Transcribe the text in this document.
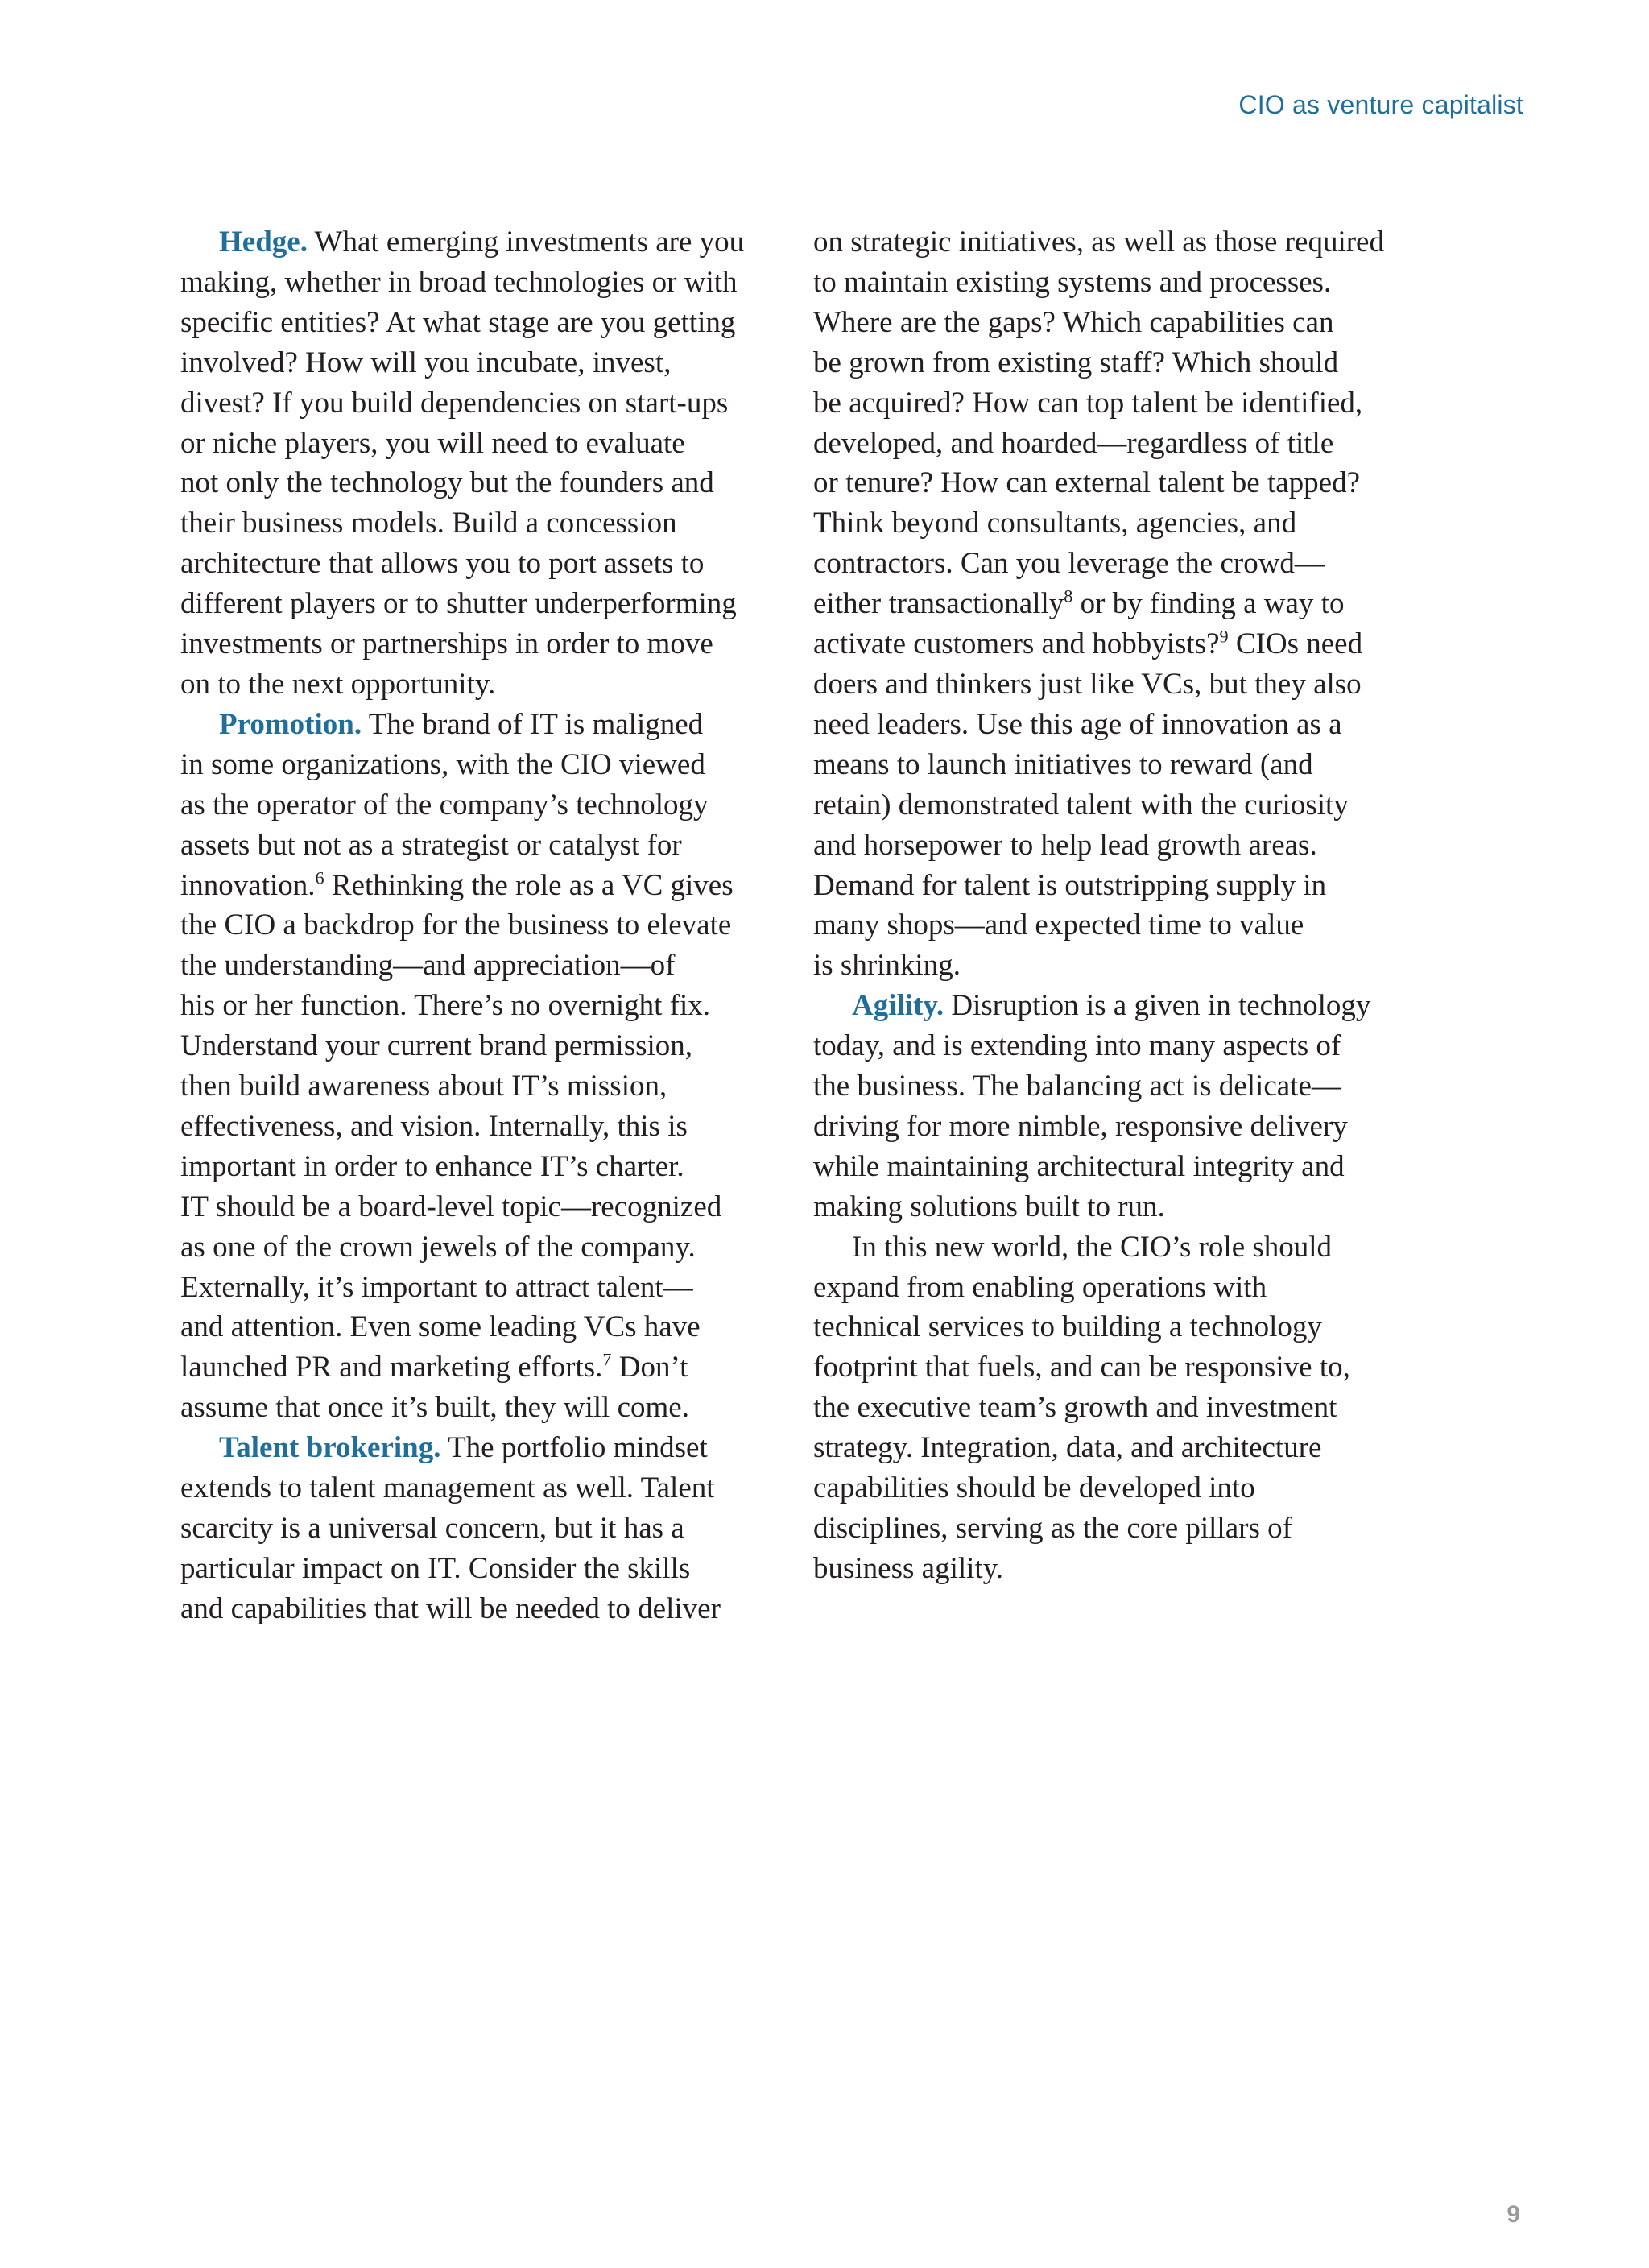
CIO as venture capitalist

Hedge. What emerging investments are you
making, whether in broad technologies or with
specific entities? At what stage are you getting
involved? How will you incubate, invest,
divest? If you build dependencies on start-ups
or niche players, you will need to evaluate
not only the technology but the founders and
their business models. Build a concession
architecture that allows you to port assets to
different players or to shutter underperforming
investments or partnerships in order to move
on to the next opportunity.

Promotion. The brand of IT is maligned
in some organizations, with the CIO viewed
as the operator of the company’s technology
assets but not as a strategist or catalyst for
innovation.$^6$ Rethinking the role as a VC gives
the CIO a backdrop for the business to elevate
the understanding—and appreciation—of
his or her function. There’s no overnight fix.
Understand your current brand permission,
then build awareness about IT’s mission,
effectiveness, and vision. Internally, this is
important in order to enhance IT’s charter.
IT should be a board-level topic—recognized
as one of the crown jewels of the company.
Externally, it’s important to attract talent—
and attention. Even some leading VCs have
launched PR and marketing efforts.$^7$ Don’t
assume that once it’s built, they will come.

Talent brokering. The portfolio mindset
extends to talent management as well. Talent
scarcity is a universal concern, but it has a
particular impact on IT. Consider the skills
and capabilities that will be needed to deliver

on strategic initiatives, as well as those required
to maintain existing systems and processes.
Where are the gaps? Which capabilities can
be grown from existing staff? Which should
be acquired? How can top talent be identified,
developed, and hoarded—regardless of title
or tenure? How can external talent be tapped?
Think beyond consultants, agencies, and
contractors. Can you leverage the crowd—
either transactionally$^8$ or by finding a way to
activate customers and hobbyists?$^9$ CIOs need
doers and thinkers just like VCs, but they also
need leaders. Use this age of innovation as a
means to launch initiatives to reward (and
retain) demonstrated talent with the curiosity
and horsepower to help lead growth areas.
Demand for talent is outstripping supply in
many shops—and expected time to value
is shrinking.

Agility. Disruption is a given in technology
today, and is extending into many aspects of
the business. The balancing act is delicate—
driving for more nimble, responsive delivery
while maintaining architectural integrity and
making solutions built to run.

In this new world, the CIO’s role should
expand from enabling operations with
technical services to building a technology
footprint that fuels, and can be responsive to,
the executive team’s growth and investment
strategy. Integration, data, and architecture
capabilities should be developed into
disciplines, serving as the core pillars of
business agility.

9
